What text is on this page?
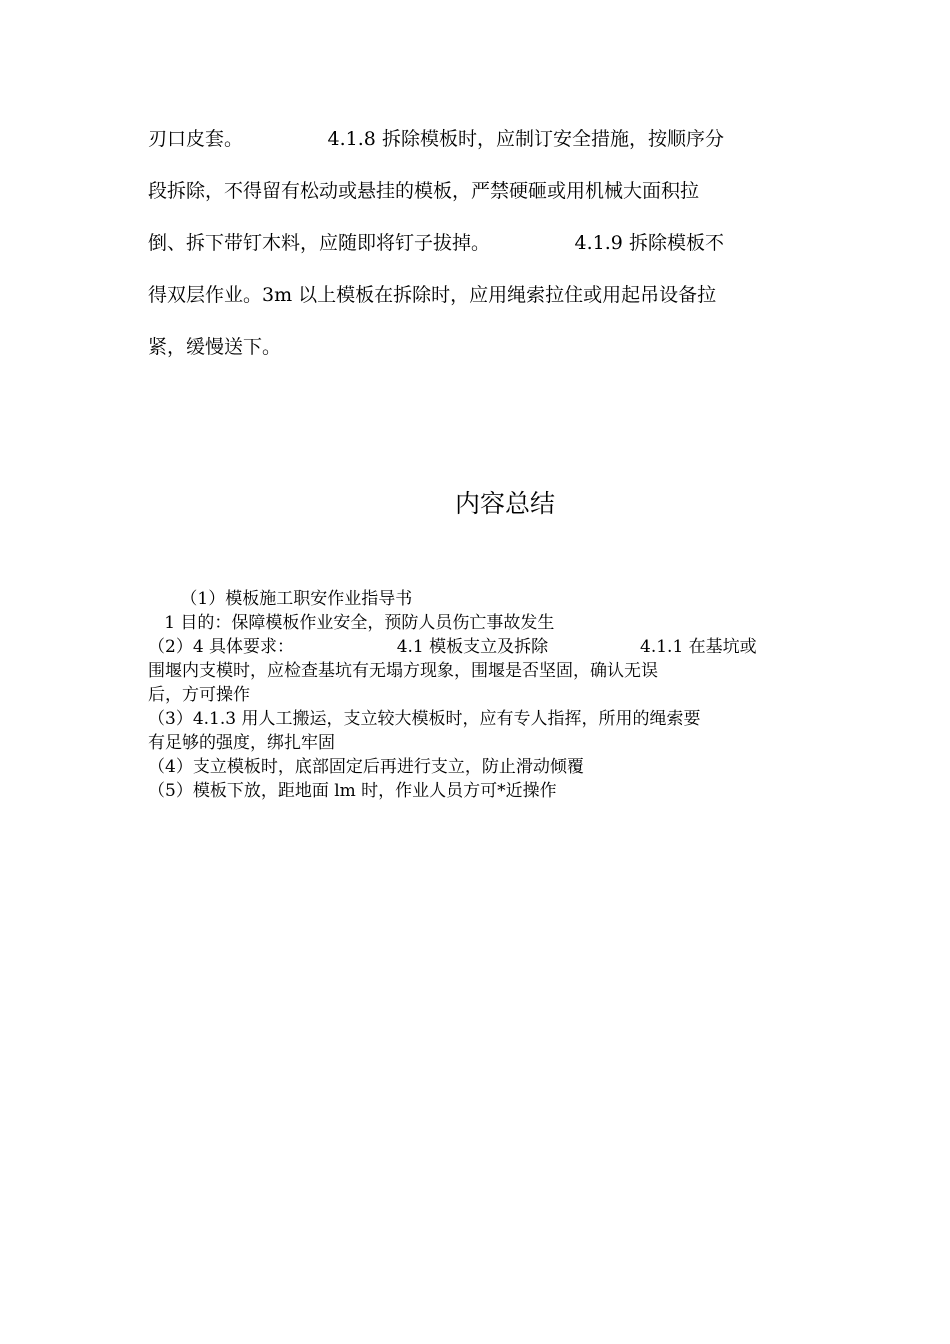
刃口皮套。              4.1.8 拆除模板时，应制订安全措施，按顺序分
段拆除，不得留有松动或悬挂的模板，严禁硬砸或用机械大面积拉
倒、拆下带钉木料，应随即将钉子拔掉。              4.1.9 拆除模板不
得双层作业。3m 以上模板在拆除时，应用绳索拉住或用起吊设备拉
紧，缓慢送下。
内容总结
（1）模板施工职安作业指导书
1 目的：保障模板作业安全，预防人员伤亡事故发生
（2）4 具体要求：                   4.1 模板支立及拆除                 4.1.1 在基坑或
围堰内支模时，应检查基坑有无塌方现象，围堰是否坚固，确认无误
后，方可操作
（3）4.1.3 用人工搬运，支立较大模板时，应有专人指挥，所用的绳索要
有足够的强度，绑扎牢固
（4）支立模板时，底部固定后再进行支立，防止滑动倾覆
（5）模板下放，距地面 lm 时，作业人员方可*近操作
